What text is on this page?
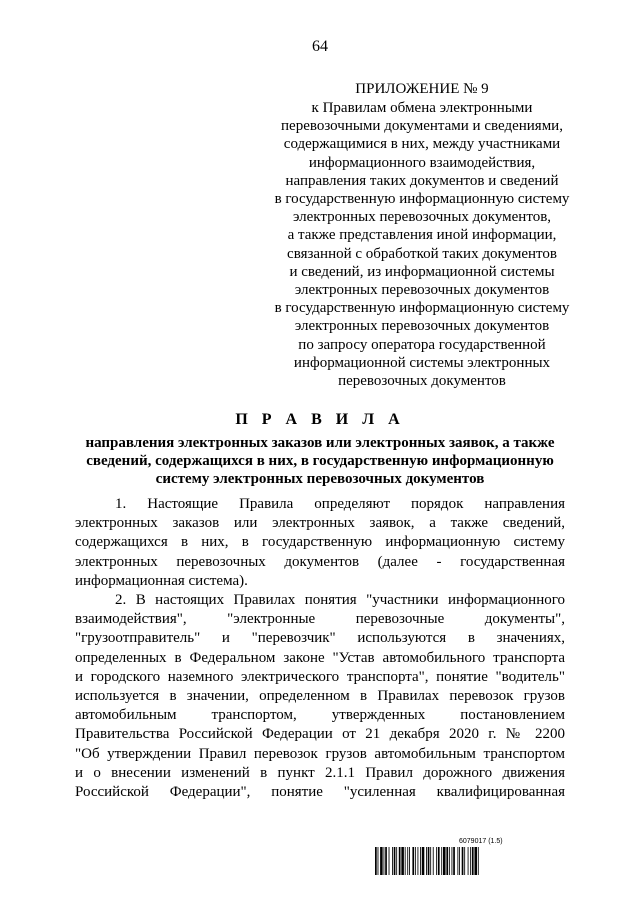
64
ПРИЛОЖЕНИЕ № 9
к Правилам обмена электронными
перевозочными документами и сведениями,
содержащимися в них, между участниками
информационного взаимодействия,
направления таких документов и сведений
в государственную информационную систему
электронных перевозочных документов,
а также представления иной информации,
связанной с обработкой таких документов
и сведений, из информационной системы
электронных перевозочных документов
в государственную информационную систему
электронных перевозочных документов
по запросу оператора государственной
информационной системы электронных
перевозочных документов
П Р А В И Л А
направления электронных заказов или электронных заявок, а также
сведений, содержащихся в них, в государственную информационную
систему электронных перевозочных документов
1. Настоящие Правила определяют порядок направления
электронных заказов или электронных заявок, а также сведений,
содержащихся в них, в государственную информационную систему
электронных перевозочных документов (далее - государственная
информационная система).
2. В настоящих Правилах понятия "участники информационного
взаимодействия", "электронные перевозочные документы",
"грузоотправитель" и "перевозчик" используются в значениях,
определенных в Федеральном законе "Устав автомобильного транспорта
и городского наземного электрического транспорта", понятие "водитель"
используется в значении, определенном в Правилах перевозок грузов
автомобильным транспортом, утвержденных постановлением
Правительства Российской Федерации от 21 декабря 2020 г. № 2200
"Об утверждении Правил перевозок грузов автомобильным транспортом
и о внесении изменений в пункт 2.1.1 Правил дорожного движения
Российской Федерации", понятие "усиленная квалифицированная
6079017 (1.5)
